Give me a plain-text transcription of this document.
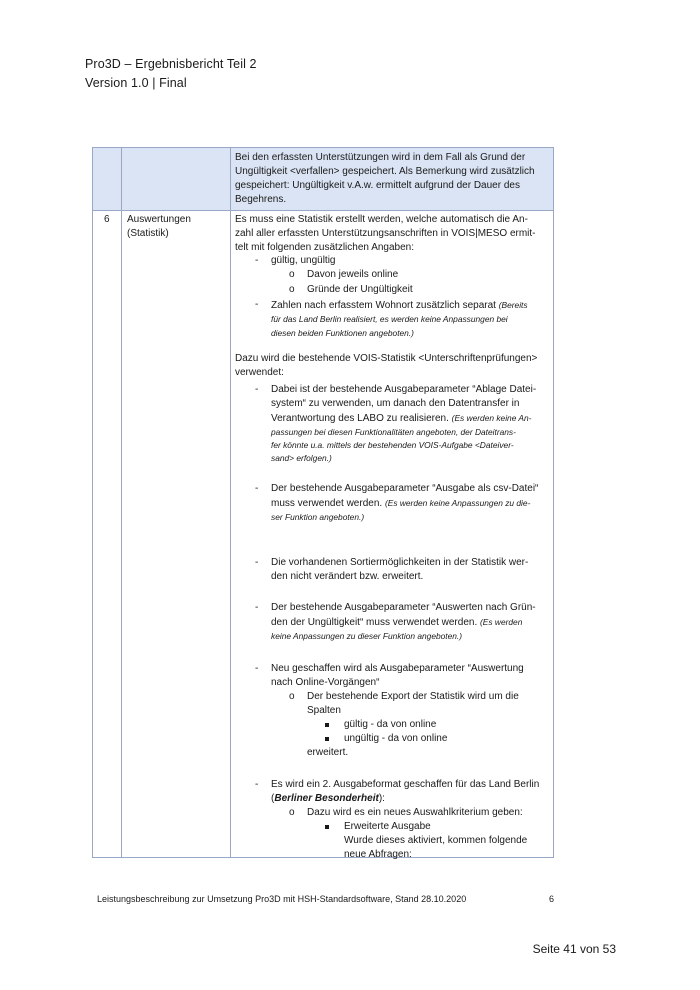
Pro3D – Ergebnisbericht Teil 2
Version 1.0 | Final
Bei den erfassten Unterstützungen wird in dem Fall als Grund der
Ungültigkeit <verfallen> gespeichert. Als Bemerkung wird zusätzlich
gespeichert: Ungültigkeit v.A.w. ermittelt aufgrund der Dauer des
Begehrens.
6 Auswertungen
(Statistik)
Es muss eine Statistik erstellt werden, welche automatisch die An-
zahl aller erfassten Unterstützungsanschriften in VOIS|MESO ermit-
telt mit folgenden zusätzlichen Angaben:
- gültig, ungültig
o Davon jeweils online
o Gründe der Ungültigkeit
- Zahlen nach erfasstem Wohnort zusätzlich separat (Bereits
für das Land Berlin realisiert, es werden keine Anpassungen bei
diesen beiden Funktionen angeboten.)
Dazu wird die bestehende VOIS-Statistik <Unterschriftenprüfungen>
verwendet:
- Dabei ist der bestehende Ausgabeparameter “Ablage Datei-
system“ zu verwenden, um danach den Datentransfer in
Verantwortung des LABO zu realisieren. (Es werden keine An-
passungen bei diesen Funktionalitäten angeboten, der Dateitrans-
fer könnte u.a. mittels der bestehenden VOIS-Aufgabe <Dateiver-
sand> erfolgen.)
- Der bestehende Ausgabeparameter “Ausgabe als csv-Datei“
muss verwendet werden. (Es werden keine Anpassungen zu die-
ser Funktion angeboten.)
- Die vorhandenen Sortiermöglichkeiten in der Statistik wer-
den nicht verändert bzw. erweitert.
- Der bestehende Ausgabeparameter “Auswerten nach Grün-
den der Ungültigkeit“ muss verwendet werden. (Es werden
keine Anpassungen zu dieser Funktion angeboten.)
- Neu geschaffen wird als Ausgabeparameter “Auswertung
nach Online-Vorgängen“
o Der bestehende Export der Statistik wird um die
Spalten
gültig - da von online
ungültig - da von online
erweitert.
- Es wird ein 2. Ausgabeformat geschaffen für das Land Berlin
(Berliner Besonderheit):
o Dazu wird es ein neues Auswahlkriterium geben:
Erweiterte Ausgabe
Wurde dieses aktiviert, kommen folgende
neue Abfragen:
Leistungsbeschreibung zur Umsetzung Pro3D mit HSH-Standardsoftware, Stand 28.10.2020	6
Seite 41 von 53
